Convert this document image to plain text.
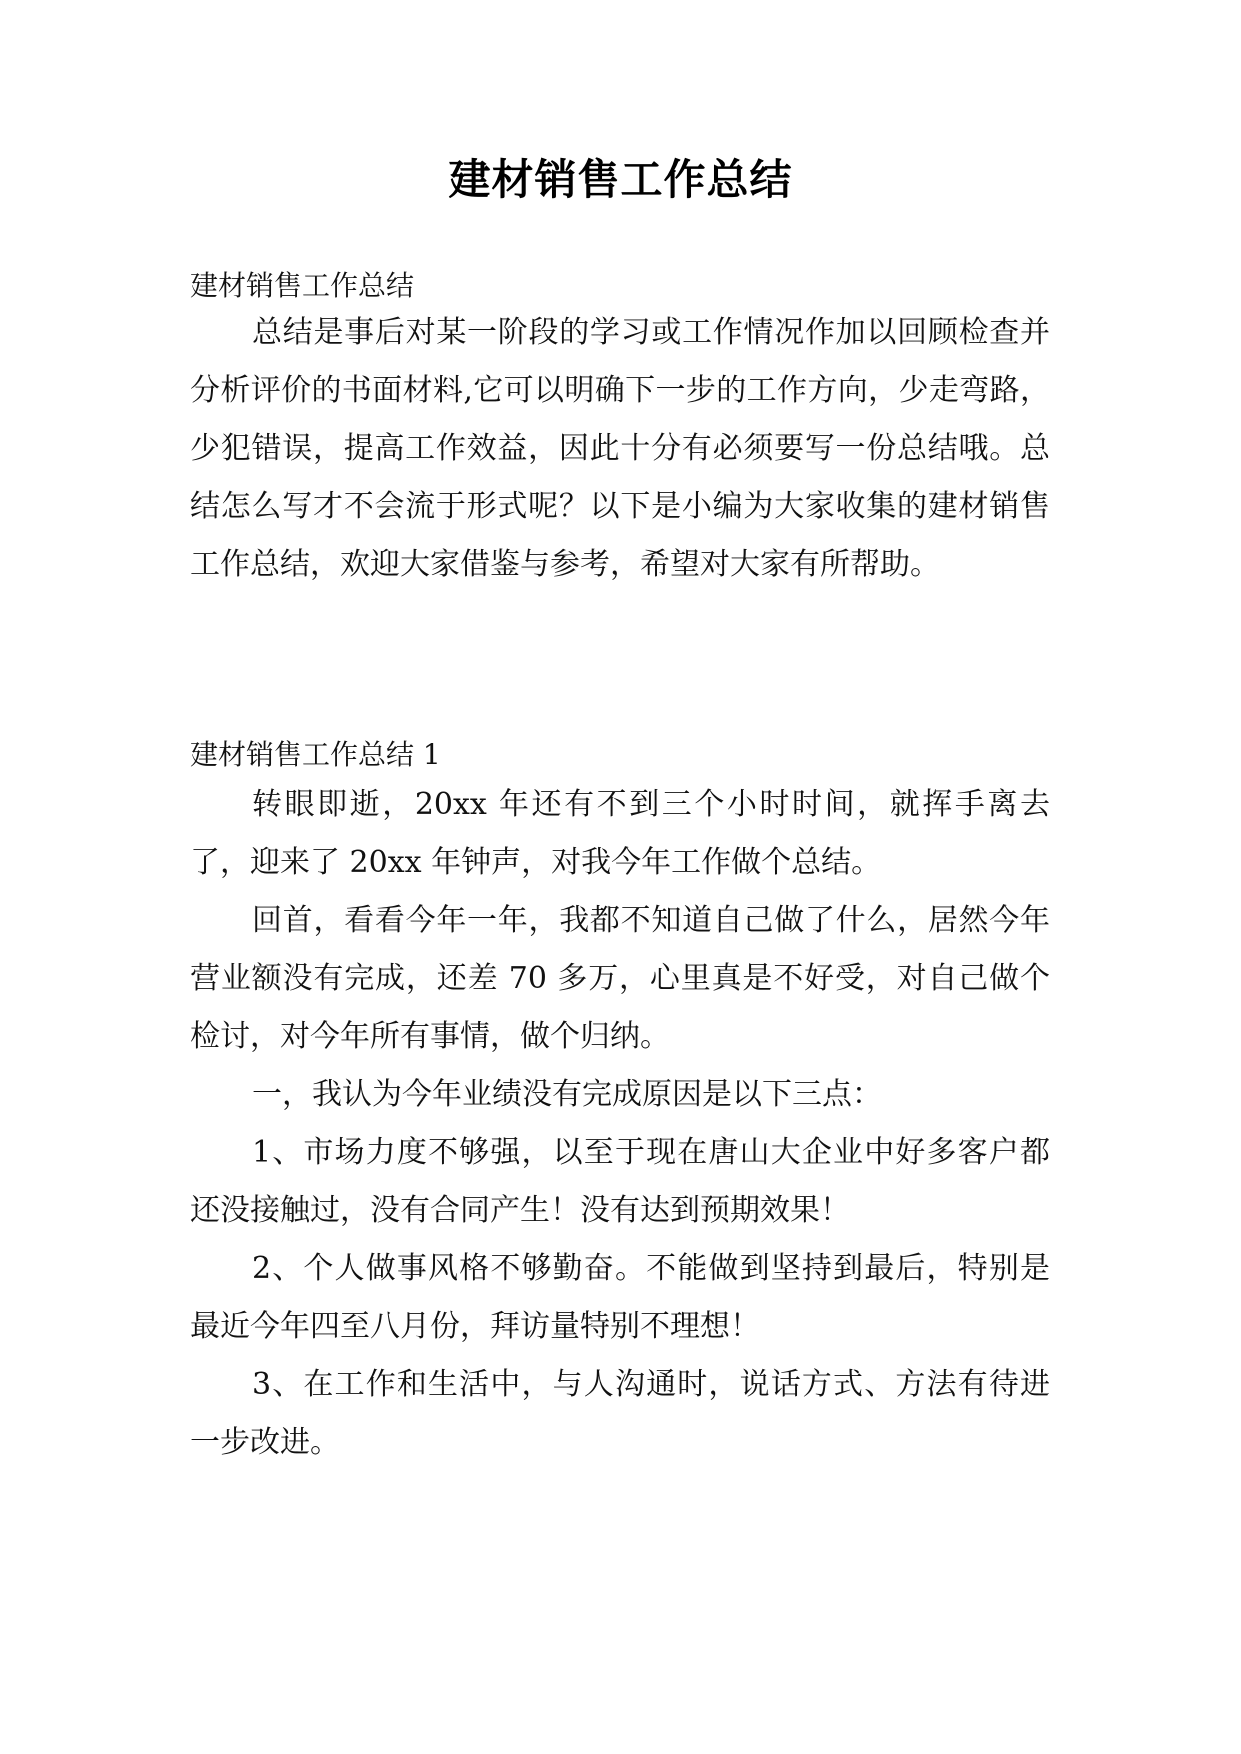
建材销售工作总结
建材销售工作总结

总结是事后对某一阶段的学习或工作情况作加以回顾检查并分析评价的书面材料,它可以明确下一步的工作方向，少走弯路，少犯错误，提高工作效益，因此十分有必须要写一份总结哦。总结怎么写才不会流于形式呢？以下是小编为大家收集的建材销售工作总结，欢迎大家借鉴与参考，希望对大家有所帮助。

建材销售工作总结 1

转眼即逝，20xx 年还有不到三个小时时间，就挥手离去了，迎来了 20xx 年钟声，对我今年工作做个总结。

回首，看看今年一年，我都不知道自己做了什么，居然今年营业额没有完成，还差 70 多万，心里真是不好受，对自己做个检讨，对今年所有事情，做个归纳。

一，我认为今年业绩没有完成原因是以下三点：

1、市场力度不够强，以至于现在唐山大企业中好多客户都还没接触过，没有合同产生！没有达到预期效果！

2、个人做事风格不够勤奋。不能做到坚持到最后，特别是最近今年四至八月份，拜访量特别不理想！

3、在工作和生活中，与人沟通时，说话方式、方法有待进一步改进。
